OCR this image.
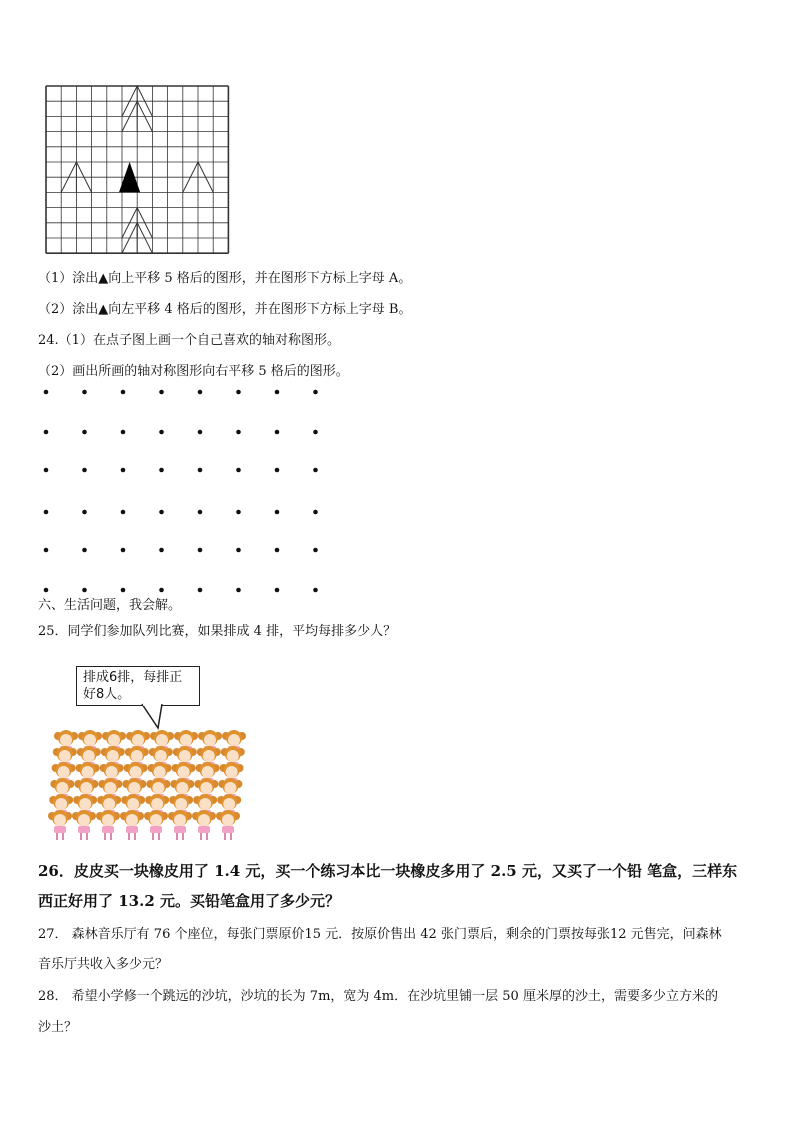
（1）涂出▲向上平移 5 格后的图形，并在图形下方标上字母 A。
（2）涂出▲向左平移 4 格后的图形，并在图形下方标上字母 B。
24.（1）在点子图上画一个自己喜欢的轴对称图形。
（2）画出所画的轴对称图形向右平移 5 格后的图形。
六、生活问题，我会解。
25．同学们参加队列比赛，如果排成 4 排，平均每排多少人？
排成6排，每排正好8人。
26．皮皮买一块橡皮用了 1.4 元，买一个练习本比一块橡皮多用了 2.5 元，又买了一个铅 笔盒，三样东
西正好用了 13.2 元。买铅笔盒用了多少元？
27． 森林音乐厅有 76 个座位，每张门票原价15 元．按原价售出 42 张门票后，剩余的门票按每张12 元售完，问森林
音乐厅共收入多少元？
28． 希望小学修一个跳远的沙坑，沙坑的长为 7m，宽为 4m．在沙坑里铺一层 50 厘米厚的沙土，需要多少立方米的
沙土？
